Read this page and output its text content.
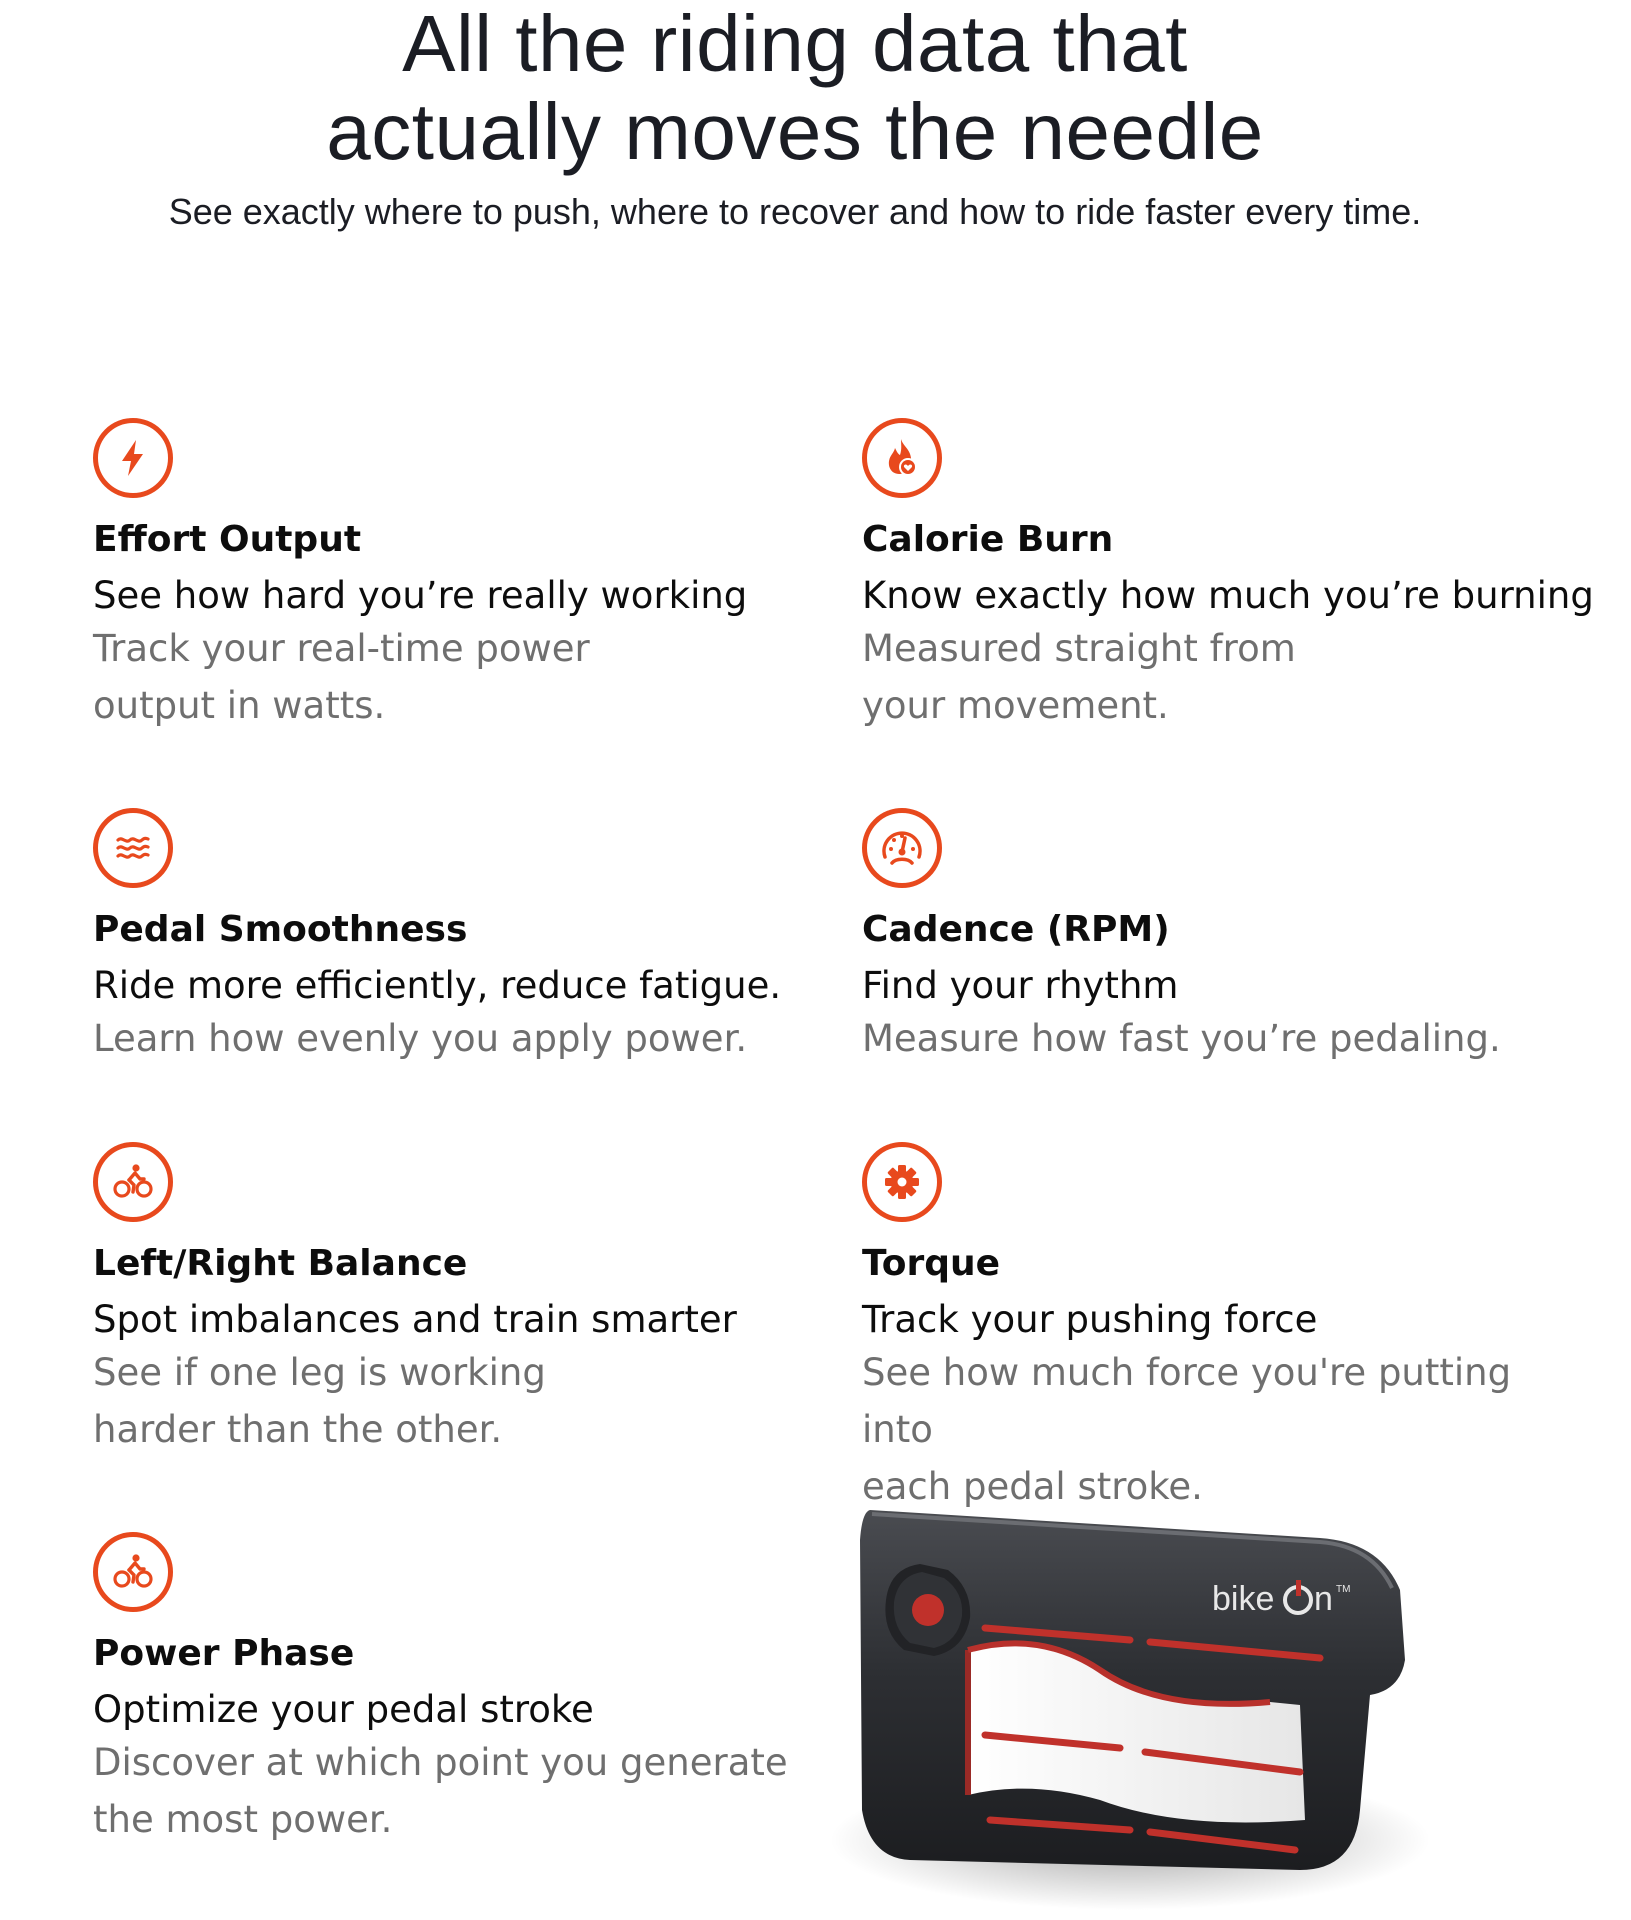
All the riding data that
actually moves the needle

See exactly where to push, where to recover and how to ride faster every time.

Effort Output
See how hard you’re really working
Track your real-time power
output in watts.
Calorie Burn
Know exactly how much you’re burning
Measured straight from
your movement.
Pedal Smoothness
Ride more efficiently, reduce fatigue.
Learn how evenly you apply power.
Cadence (RPM)
Find your rhythm
Measure how fast you’re pedaling.
Left/Right Balance
Spot imbalances and train smarter
See if one leg is working
harder than the other.
Torque
Track your pushing force
See how much force you're putting into
each pedal stroke.
Power Phase
Optimize your pedal stroke
Discover at which point you generate
the most power.
bike n TM
